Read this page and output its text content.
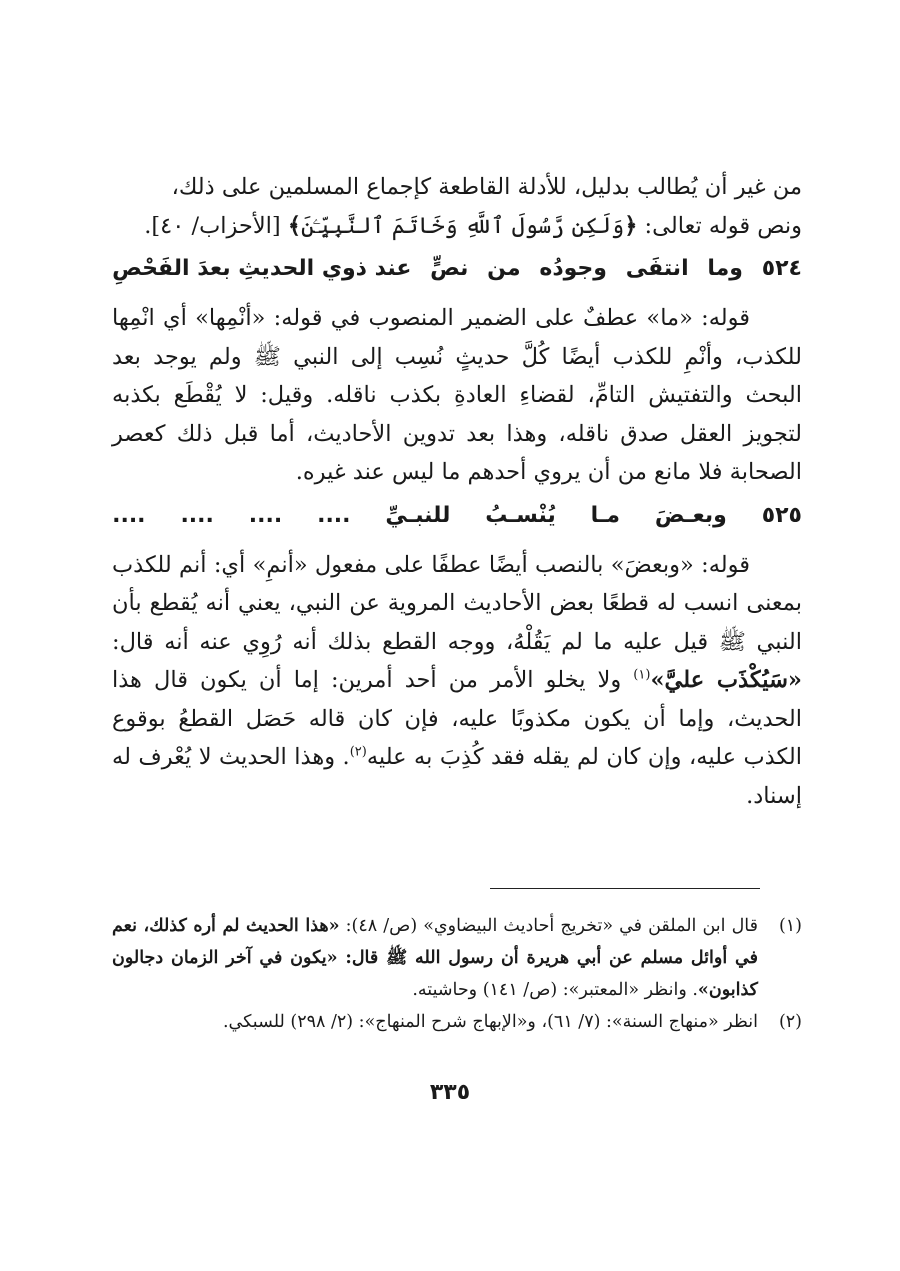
من غير أن يُطالب بدليل، للأدلة القاطعة كإجماع المسلمين على ذلك،

ونص قوله تعالى: ﴿وَلَكِن رَّسُولَ ٱللَّهِ وَخَاتَمَ ٱلنَّبِيِّـۧنَ﴾ [الأحزاب/ ٤٠].

٥٢٤
وما
انتفَى
وجودُه
من
نصٍّ
عند ذوي الحديثِ بعدَ الفَحْصِ

قوله: «ما» عطفٌ على الضمير المنصوب في قوله: «أنْمِها» أي انْمِها للكذب، وأنْمِ للكذب أيضًا كُلَّ حديثٍ نُسِب إلى النبي ﷺ ولم يوجد بعد البحث والتفتيش التامِّ، لقضاءِ العادةِ بكذب ناقله. وقيل: لا يُقْطَع بكذبه لتجويز العقل صدق ناقله، وهذا بعد تدوين الأحاديث، أما قبل ذلك كعصر الصحابة فلا مانع من أن يروي أحدهم ما ليس عند غيره.

٥٢٥
وبعـضَ
مـا
يُنْسـبُ
للنبـيِّ
....
....
....
....

قوله: «وبعضَ» بالنصب أيضًا عطفًا على مفعول «أنمِ» أي: أنم للكذب بمعنى انسب له قطعًا بعض الأحاديث المروية عن النبي، يعني أنه يُقطع بأن النبي ﷺ قيل عليه ما لم يَقُلْهُ، ووجه القطع بذلك أنه رُوِي عنه أنه قال: «سَيُكْذَب عليَّ»$^{(١)}$ ولا يخلو الأمر من أحد أمرين: إما أن يكون قال هذا الحديث، وإما أن يكون مكذوبًا عليه، فإن كان قاله حَصَل القطعُ بوقوع الكذب عليه، وإن كان لم يقله فقد كُذِبَ به عليه$^{(٢)}$. وهذا الحديث لا يُعْرف له إسناد.

(١)
قال ابن الملقن في «تخريج أحاديث البيضاوي» (ص/ ٤٨): «هذا الحديث لم أره كذلك، نعم في أوائل مسلم عن أبي هريرة أن رسول الله ﷺ قال: «يكون في آخر الزمان دجالون كذابون». وانظر «المعتبر»: (ص/ ١٤١) وحاشيته.
(٢)
انظر «منهاج السنة»: (٧/ ٦١)، و«الإبهاج شرح المنهاج»: (٢/ ٢٩٨) للسبكي.
٣٣٥
